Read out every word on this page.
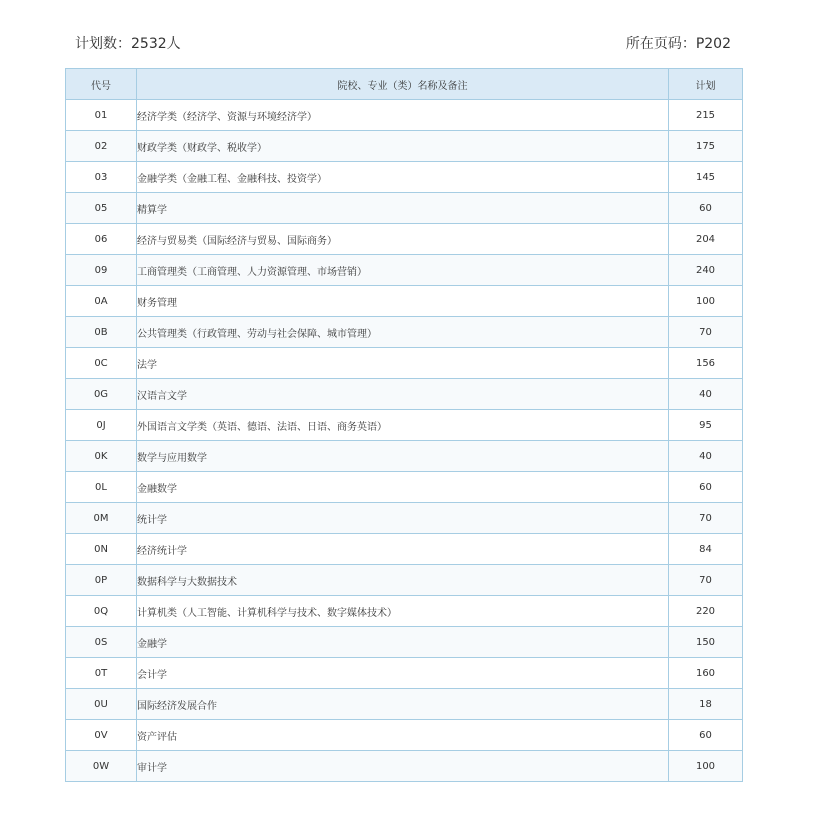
计划数：2532人	所在页码：P202
代号	院校、专业（类）名称及备注	计划
01	经济学类（经济学、资源与环境经济学）	215
02	财政学类（财政学、税收学）	175
03	金融学类（金融工程、金融科技、投资学）	145
05	精算学	60
06	经济与贸易类（国际经济与贸易、国际商务）	204
09	工商管理类（工商管理、人力资源管理、市场营销）	240
0A	财务管理	100
0B	公共管理类（行政管理、劳动与社会保障、城市管理）	70
0C	法学	156
0G	汉语言文学	40
0J	外国语言文学类（英语、德语、法语、日语、商务英语）	95
0K	数学与应用数学	40
0L	金融数学	60
0M	统计学	70
0N	经济统计学	84
0P	数据科学与大数据技术	70
0Q	计算机类（人工智能、计算机科学与技术、数字媒体技术）	220
0S	金融学	150
0T	会计学	160
0U	国际经济发展合作	18
0V	资产评估	60
0W	审计学	100
